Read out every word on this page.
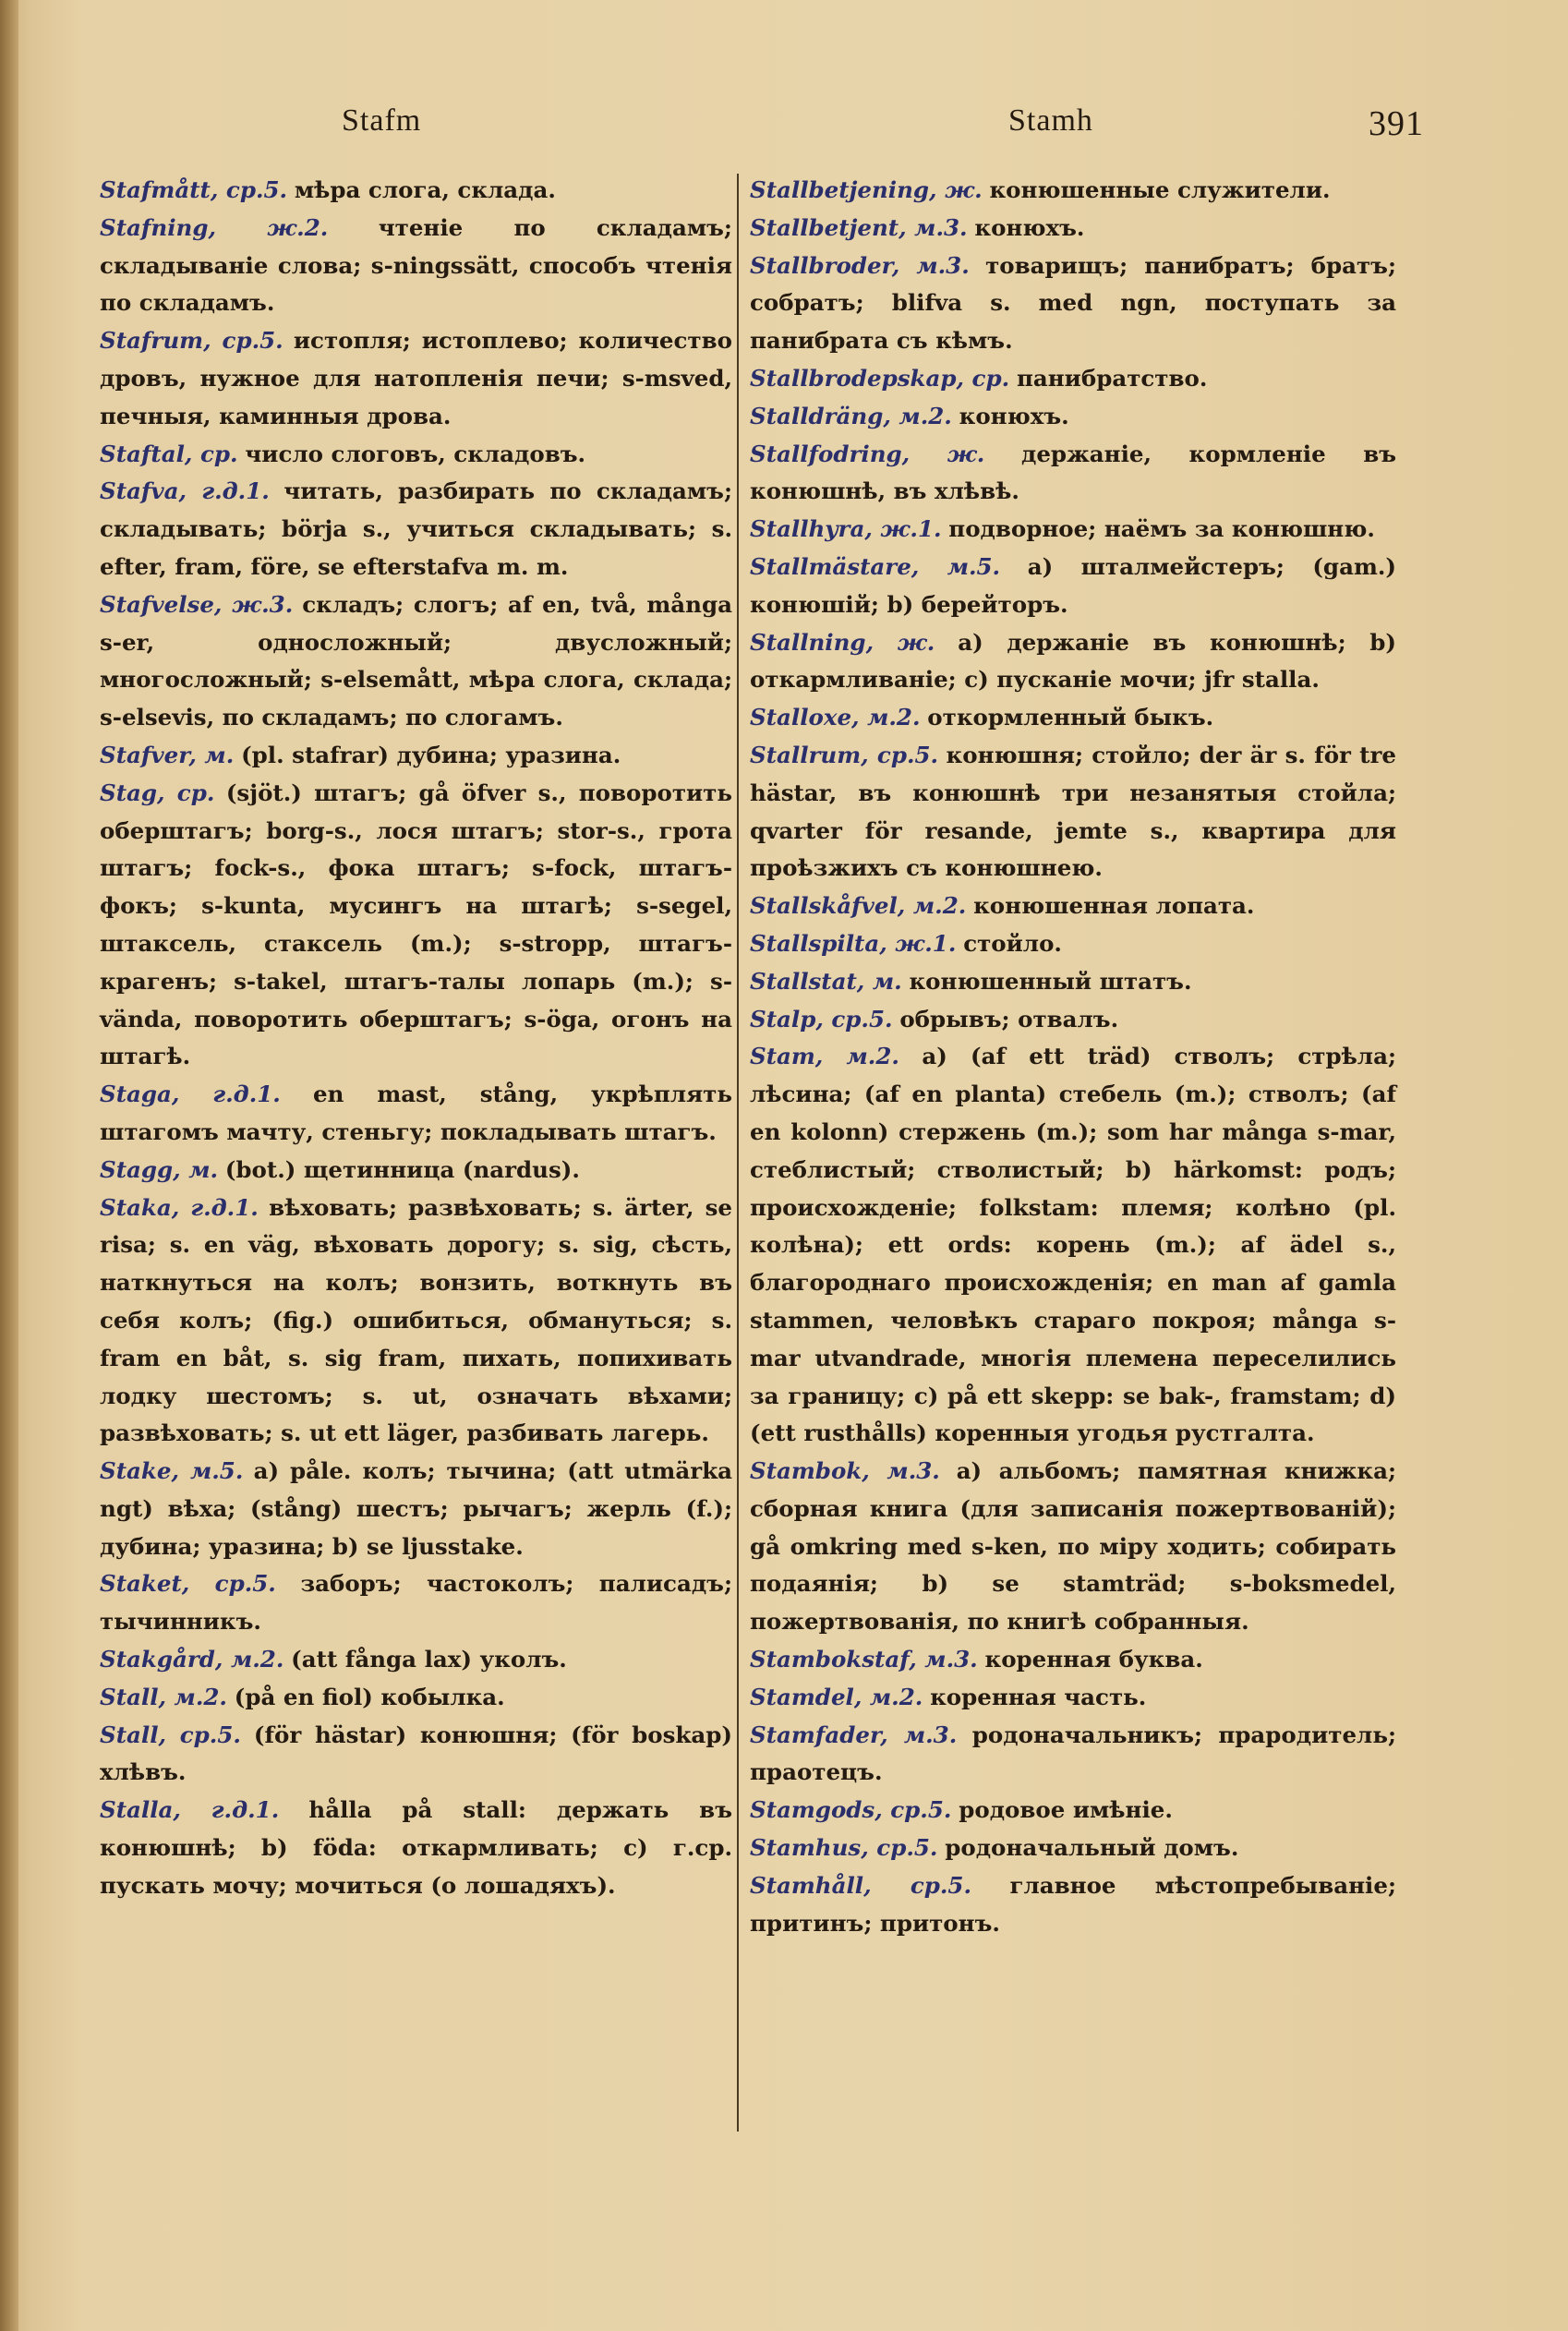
Stafm	Stamh	391
Stafmått, ср.5. мѣра слога, склада.
Stafning, ж.2. чтеніе по складамъ; складываніе слова; s-ningssätt, способъ чтенія по складамъ.
Stafrum, ср.5. истопля; истоплево; количество дровъ, нужное для натопленія печи; s-msved, печныя, каминныя дрова.
Staftal, ср. число слоговъ, складовъ.
Stafva, г.д.1. читать, разбирать по складамъ; складывать; börja s., учиться складывать; s. efter, fram, före, se efterstafva m. m.
Stafvelse, ж.3. складъ; слогъ; af en, två, många s-er, односложный; двусложный; многосложный; s-elsemått, мѣра слога, склада; s-elsevis, по складамъ; по слогамъ.
Stafver, м. (pl. stafrar) дубина; уразина.
Stag, ср. (sjöt.) штагъ; gå öfver s., поворотить оберштагъ; borg-s., лося штагъ; stor-s., грота штагъ; fock-s., фока штагъ; s-fock, штагъ-фокъ; s-kunta, мусингъ на штагѣ; s-segel, штаксель, стаксель (m.); s-stropp, штагъ-крагенъ; s-takel, штагъ-талы лопарь (m.); s-vända, поворотить оберштагъ; s-öga, огонъ на штагѣ.
Staga, г.д.1. en mast, stång, укрѣплять штагомъ мачту, стеньгу; покладывать штагъ.
Stagg, м. (bot.) щетинница (nardus).
Staka, г.д.1. вѣховать; развѣховать; s. ärter, se risa; s. en väg, вѣховать дорогу; s. sig, сѣсть, наткнуться на колъ; вонзить, воткнуть въ себя колъ; (fig.) ошибиться, обмануться; s. fram en båt, s. sig fram, пихать, попихивать лодку шестомъ; s. ut, означать вѣхами; развѣховать; s. ut ett läger, разбивать лагерь.
Stake, м.5. a) påle. колъ; тычина; (att utmärka ngt) вѣха; (stång) шестъ; рычагъ; жерль (f.); дубина; уразина; b) se ljusstake.
Staket, ср.5. заборъ; частоколъ; палисадъ; тычинникъ.
Stakgård, м.2. (att fånga lax) уколъ.
Stall, м.2. (på en fiol) кобылка.
Stall, ср.5. (för hästar) конюшня; (för boskap) хлѣвъ.
Stalla, г.д.1. hålla på stall: держать въ конюшнѣ; b) föda: откармливать; c) г.ср. пускать мочу; мочиться (о лошадяхъ).
Stallbetjening, ж. конюшенные служители.
Stallbetjent, м.3. конюхъ.
Stallbroder, м.3. товарищъ; панибратъ; братъ; собратъ; blifva s. med ngn, поступать за панибрата съ кѣмъ.
Stallbrodерskap, ср. панибратство.
Stalldräng, м.2. конюхъ.
Stallfodring, ж. держаніе, кормленіе въ конюшнѣ, въ хлѣвѣ.
Stallhyra, ж.1. подворное; наёмъ за конюшню.
Stallmästare, м.5. а) шталмейстеръ; (gam.) конюшій; b) берейторъ.
Stallning, ж. а) держаніе въ конюшнѣ; b) откармливаніе; c) пусканіе мочи; jfr stalla.
Stalloxe, м.2. откормленный быкъ.
Stallrum, ср.5. конюшня; стойло; der är s. för tre hästar, въ конюшнѣ три незанятыя стойла; qvarter för resande, jemte s., квартира для проѣзжихъ съ конюшнею.
Stallskåfvel, м.2. конюшенная лопата.
Stallspilta, ж.1. стойло.
Stallstat, м. конюшенный штатъ.
Stalp, ср.5. обрывъ; отвалъ.
Stam, м.2. а) (af ett träd) стволъ; стрѣла; лѣсина; (af en planta) стебель (m.); стволъ; (af en kolonn) стержень (m.); som har många s-mar, стеблистый; стволистый; b) härkomst: родъ; происхожденіе; folkstam: племя; колѣно (pl. колѣна); ett ords: корень (m.); af ädel s., благороднаго происхожденія; en man af gamla stammen, человѣкъ стараго покроя; många s-mar utvandrade, многія племена переселились за границу; c) på ett skepp: se bak-, framstam; d) (ett rusthålls) коренныя угодья рустгалта.
Stambok, м.3. а) альбомъ; памятная книжка; сборная книга (для записанія пожертвованій); gå omkring med s-ken, по міру ходить; собирать подаянія; b) se stamträd; s-boksmedel, пожертвованія, по книгѣ собранныя.
Stambokstaf, м.3. коренная буква.
Stamdel, м.2. коренная часть.
Stamfader, м.3. родоначальникъ; прародитель; праотецъ.
Stamgods, ср.5. родовое имѣніе.
Stamhus, ср.5. родоначальный домъ.
Stamhåll, ср.5. главное мѣстопребываніе; притинъ; притонъ.
